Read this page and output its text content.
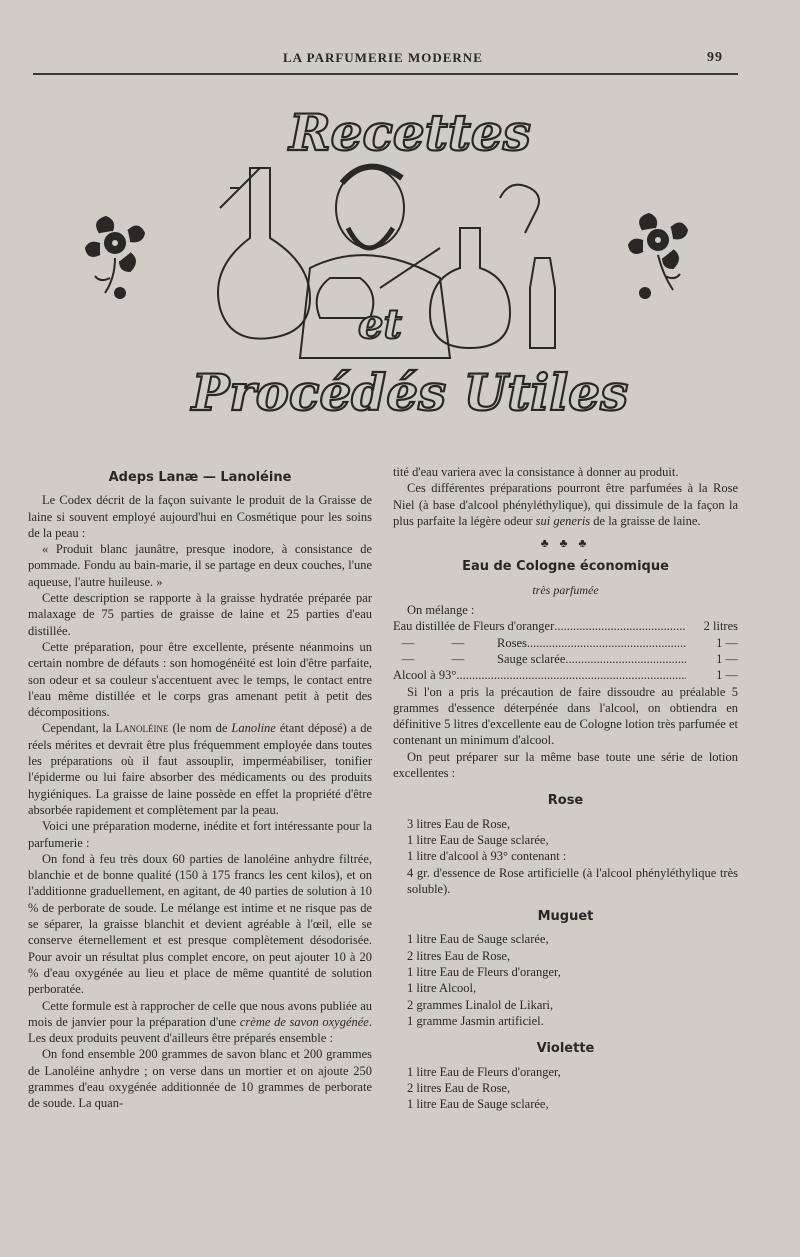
LA PARFUMERIE MODERNE	99
Recettes
et
Procédés Utiles

Adeps Lanæ — Lanoléine

Le Codex décrit de la façon suivante le produit de la Graisse de laine si souvent employé aujourd'hui en Cosmétique pour les soins de la peau :

« Produit blanc jaunâtre, presque inodore, à consistance de pommade. Fondu au bain-marie, il se partage en deux couches, l'une aqueuse, l'autre huileuse. »

Cette description se rapporte à la graisse hydratée préparée par malaxage de 75 parties de graisse de laine et 25 parties d'eau distillée.

Cette préparation, pour être excellente, présente néanmoins un certain nombre de défauts : son homogénéité est loin d'être parfaite, son odeur et sa couleur s'accentuent avec le temps, le contact entre l'eau même distillée et le corps gras amenant petit à petit des décompositions.

Cependant, la Lanoléine (le nom de Lanoline étant déposé) a de réels mérites et devrait être plus fréquemment employée dans toutes les préparations où il faut assouplir, imperméabiliser, tonifier l'épiderme ou lui faire absorber des médicaments ou des produits hygiéniques. La graisse de laine possède en effet la propriété d'être absorbée rapidement et complètement par la peau.

Voici une préparation moderne, inédite et fort intéressante pour la parfumerie :

On fond à feu très doux 60 parties de lanoléine anhydre filtrée, blanchie et de bonne qualité (150 à 175 francs les cent kilos), et on l'additionne graduellement, en agitant, de 40 parties de solution à 10 % de perborate de soude. Le mélange est intime et ne risque pas de se séparer, la graisse blanchit et devient agréable à l'œil, elle se conserve éternellement et est presque complètement désodorisée. Pour avoir un résultat plus complet encore, on peut ajouter 10 à 20 % d'eau oxygénée au lieu et place de même quantité de solution perboratée.

Cette formule est à rapprocher de celle que nous avons publiée au mois de janvier pour la préparation d'une crème de savon oxygénée. Les deux produits peuvent d'ailleurs être préparés ensemble :

On fond ensemble 200 grammes de savon blanc et 200 grammes de Lanoléine anhydre ; on verse dans un mortier et on ajoute 250 grammes d'eau oxygénée additionnée de 10 grammes de perborate de soude. La quan-

tité d'eau variera avec la consistance à donner au produit.

Ces différentes préparations pourront être parfumées à la Rose Niel (à base d'alcool phényléthylique), qui dissimule de la façon la plus parfaite la légère odeur sui generis de la graisse de laine.

♣ ♣ ♣

Eau de Cologne économique

très parfumée

On mélange :

Eau distillée de Fleurs d'oranger .....	2 litres
—	—	Roses .....	1 —
—	—	Sauge sclarée .....	1 —
Alcool à 93° .....	1 —

Si l'on a pris la précaution de faire dissoudre au préalable 5 grammes d'essence déterpénée dans l'alcool, on obtiendra en définitive 5 litres d'excellente eau de Cologne lotion très parfumée et contenant un minimum d'alcool.

On peut préparer sur la même base toute une série de lotion excellentes :

Rose

3 litres Eau de Rose,

1 litre Eau de Sauge sclarée,

1 litre d'alcool à 93° contenant :

4 gr. d'essence de Rose artificielle (à l'alcool phényléthylique très soluble).

Muguet

1 litre Eau de Sauge sclarée,

2 litres Eau de Rose,

1 litre Eau de Fleurs d'oranger,

1 litre Alcool,

2 grammes Linalol de Likari,

1 gramme Jasmin artificiel.

Violette

1 litre Eau de Fleurs d'oranger,

2 litres Eau de Rose,

1 litre Eau de Sauge sclarée,
